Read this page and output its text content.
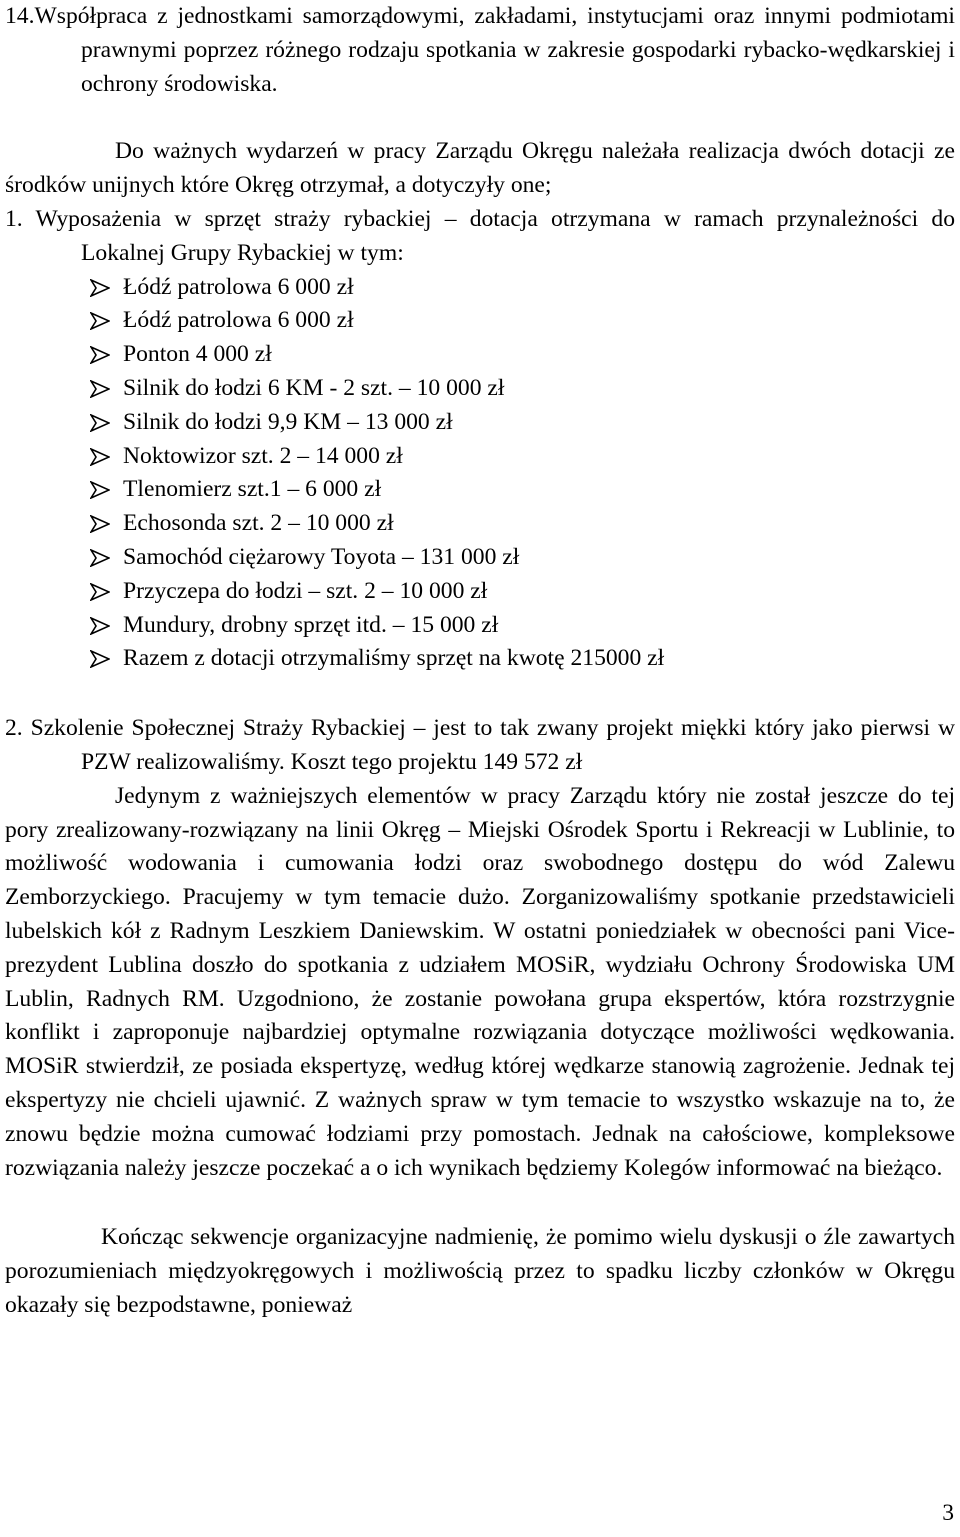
14.Współpraca z jednostkami samorządowymi, zakładami, instytucjami oraz innymi podmiotami prawnymi poprzez różnego rodzaju spotkania w zakresie gospodarki rybacko-wędkarskiej i ochrony środowiska.

Do ważnych wydarzeń w pracy Zarządu Okręgu należała realizacja dwóch dotacji ze środków unijnych które Okręg otrzymał, a dotyczyły one;

1. Wyposażenia w sprzęt straży rybackiej – dotacja otrzymana w ramach przynależności do Lokalnej Grupy Rybackiej w tym:

Łódź patrolowa 6 000 zł
Łódź patrolowa 6 000 zł
Ponton 4 000 zł
Silnik do łodzi 6 KM - 2 szt. – 10 000 zł
Silnik do łodzi 9,9 KM – 13 000 zł
Noktowizor szt. 2 – 14 000 zł
Tlenomierz szt.1 – 6 000 zł
Echosonda szt. 2 – 10 000 zł
Samochód ciężarowy Toyota – 131 000 zł
Przyczepa do łodzi – szt. 2 – 10 000 zł
Mundury, drobny sprzęt itd. – 15 000 zł
Razem z dotacji otrzymaliśmy sprzęt na kwotę 215000 zł

2. Szkolenie Społecznej Straży Rybackiej – jest to tak zwany projekt miękki który jako pierwsi w PZW realizowaliśmy. Koszt tego projektu 149 572 zł

Jedynym z ważniejszych elementów w pracy Zarządu który nie został jeszcze do tej pory zrealizowany-rozwiązany na linii Okręg – Miejski Ośrodek Sportu i Rekreacji w Lublinie, to możliwość wodowania i cumowania łodzi oraz swobodnego dostępu do wód Zalewu Zemborzyckiego. Pracujemy w tym temacie dużo. Zorganizowaliśmy spotkanie przedstawicieli lubelskich kół z Radnym Leszkiem Daniewskim. W ostatni poniedziałek w obecności pani Vice-prezydent Lublina doszło do spotkania z udziałem MOSiR, wydziału Ochrony Środowiska UM Lublin, Radnych RM. Uzgodniono, że zostanie powołana grupa ekspertów, która rozstrzygnie konflikt i zaproponuje najbardziej optymalne rozwiązania dotyczące możliwości wędkowania. MOSiR stwierdził, ze posiada ekspertyzę, według której wędkarze stanowią zagrożenie. Jednak tej ekspertyzy nie chcieli ujawnić. Z ważnych spraw w tym temacie to wszystko wskazuje na to, że znowu będzie można cumować łodziami przy pomostach. Jednak na całościowe, kompleksowe rozwiązania należy jeszcze poczekać a o ich wynikach będziemy Kolegów informować na bieżąco.

Kończąc sekwencje organizacyjne nadmienię, że pomimo wielu dyskusji o źle zawartych porozumieniach międzyokręgowych i możliwością przez to spadku liczby członków w Okręgu okazały się bezpodstawne, ponieważ

3
